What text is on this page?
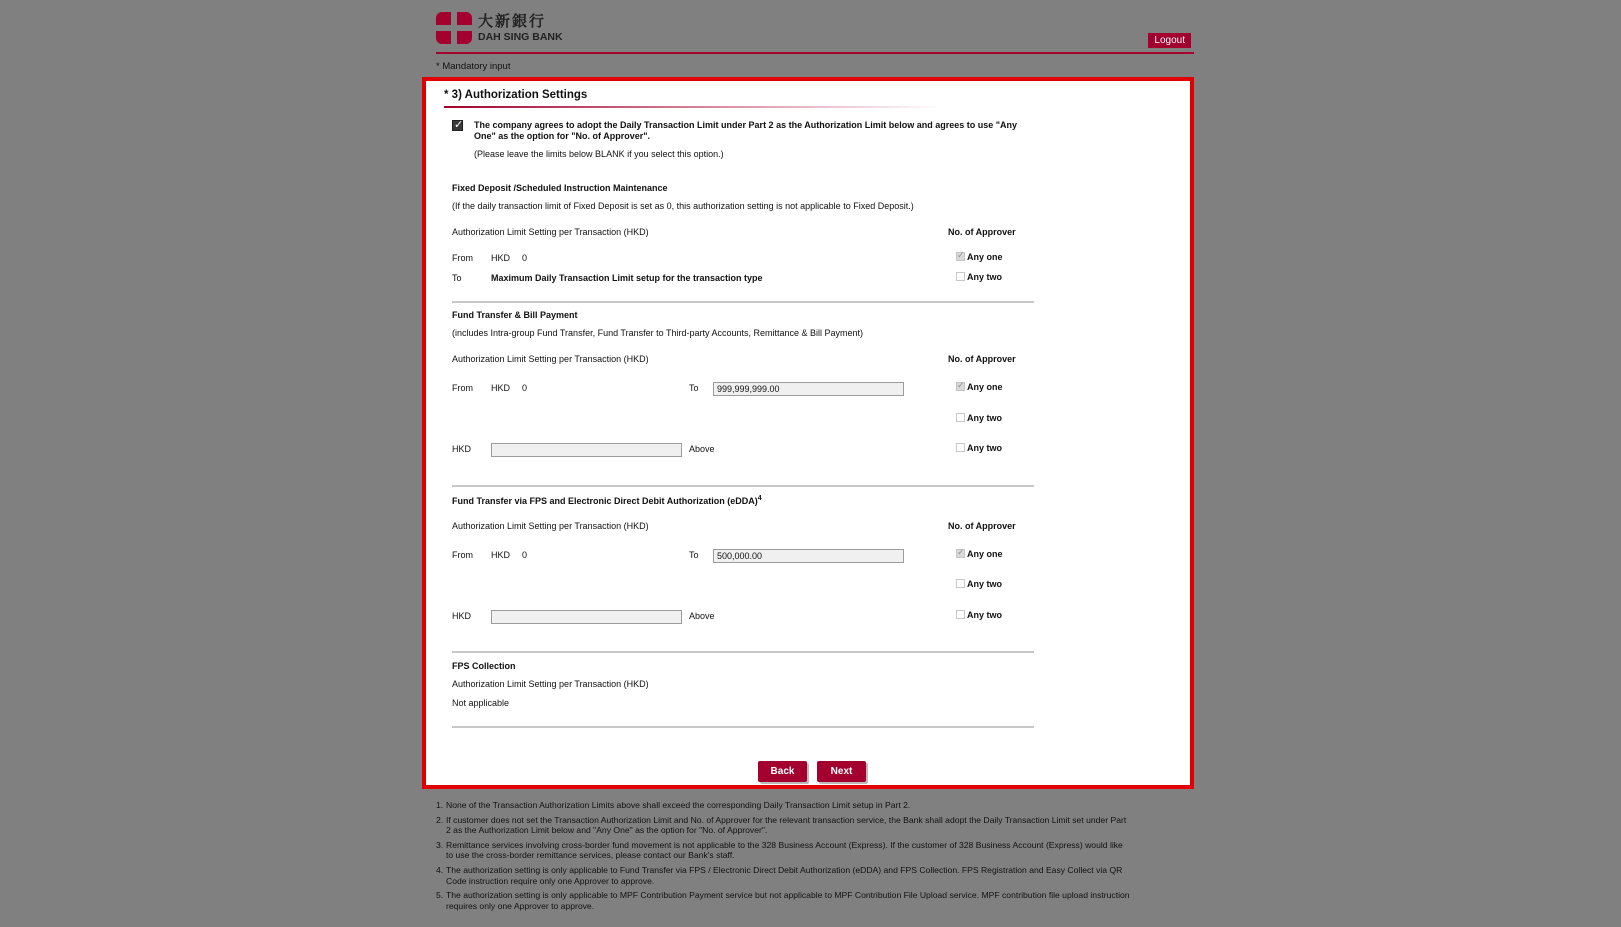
大新銀行
DAH SING BANK	Logout
* Mandatory input
* 3) Authorization Settings
✓
The company agrees to adopt the Daily Transaction Limit under Part 2 as the Authorization Limit below and agrees to use "Any
One" as the option for "No. of Approver".
(Please leave the limits below BLANK if you select this option.)
Fixed Deposit /Scheduled Instruction Maintenance
(If the daily transaction limit of Fixed Deposit is set as 0, this authorization setting is not applicable to Fixed Deposit.)
Authorization Limit Setting per Transaction (HKD)	No. of Approver
From HKD 0 ✓	Any one
To	Maximum Daily Transaction Limit setup for the transaction type	Any two
Fund Transfer & Bill Payment
(includes Intra-group Fund Transfer, Fund Transfer to Third-party Accounts, Remittance & Bill Payment)
Authorization Limit Setting per Transaction (HKD)	No. of Approver
From HKD 0	To	999,999,999.00 ✓	Any one
Any two
HKD	Above	Any two
Fund Transfer via FPS and Electronic Direct Debit Authorization (eDDA)$^4$
Authorization Limit Setting per Transaction (HKD)	No. of Approver
From HKD 0	To	500,000.00 ✓	Any one
Any two
HKD	Above	Any two
FPS Collection
Authorization Limit Setting per Transaction (HKD)
Not applicable
Back	Next
1. None of the Transaction Authorization Limits above shall exceed the corresponding Daily Transaction Limit setup in Part 2.
2. If customer does not set the Transaction Authorization Limit and No. of Approver for the relevant transaction service, the Bank shall adopt the Daily Transaction Limit set under Part
2 as the Authorization Limit below and "Any One" as the option for "No. of Approver".
3. Remittance services involving cross-border fund movement is not applicable to the 328 Business Account (Express). If the customer of 328 Business Account (Express) would like
to use the cross-border remittance services, please contact our Bank's staff.
4. The authorization setting is only applicable to Fund Transfer via FPS / Electronic Direct Debit Authorization (eDDA) and FPS Collection. FPS Registration and Easy Collect via QR
Code instruction require only one Approver to approve.
5. The authorization setting is only applicable to MPF Contribution Payment service but not applicable to MPF Contribution File Upload service. MPF contribution file upload instruction
requires only one Approver to approve.
